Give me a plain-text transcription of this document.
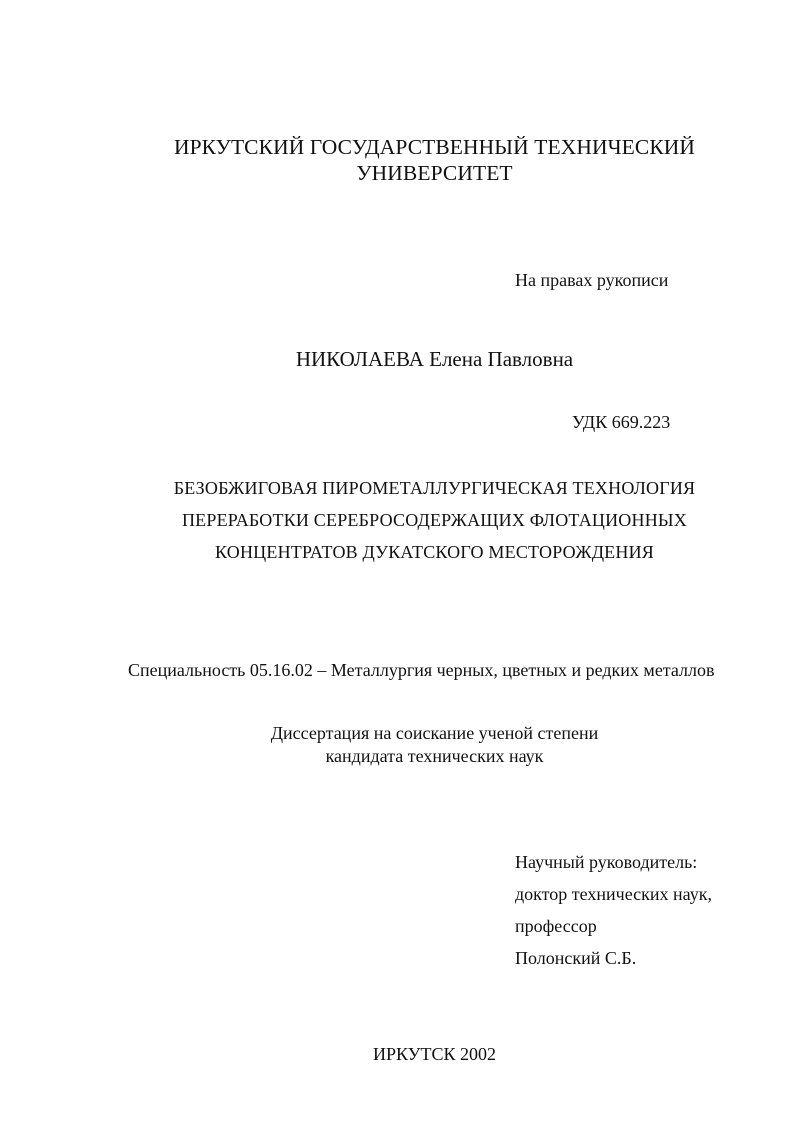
ИРКУТСКИЙ ГОСУДАРСТВЕННЫЙ ТЕХНИЧЕСКИЙ
УНИВЕРСИТЕТ
На правах рукописи
НИКОЛАЕВА Елена Павловна
УДК 669.223
БЕЗОБЖИГОВАЯ ПИРОМЕТАЛЛУРГИЧЕСКАЯ ТЕХНОЛОГИЯ
ПЕРЕРАБОТКИ СЕРЕБРОСОДЕРЖАЩИХ ФЛОТАЦИОННЫХ
КОНЦЕНТРАТОВ ДУКАТСКОГО МЕСТОРОЖДЕНИЯ
Специальность 05.16.02 – Металлургия черных, цветных и редких металлов
Диссертация на соискание ученой степени
кандидата технических наук
Научный руководитель:
доктор технических наук,
профессор
Полонский С.Б.
ИРКУТСК 2002
